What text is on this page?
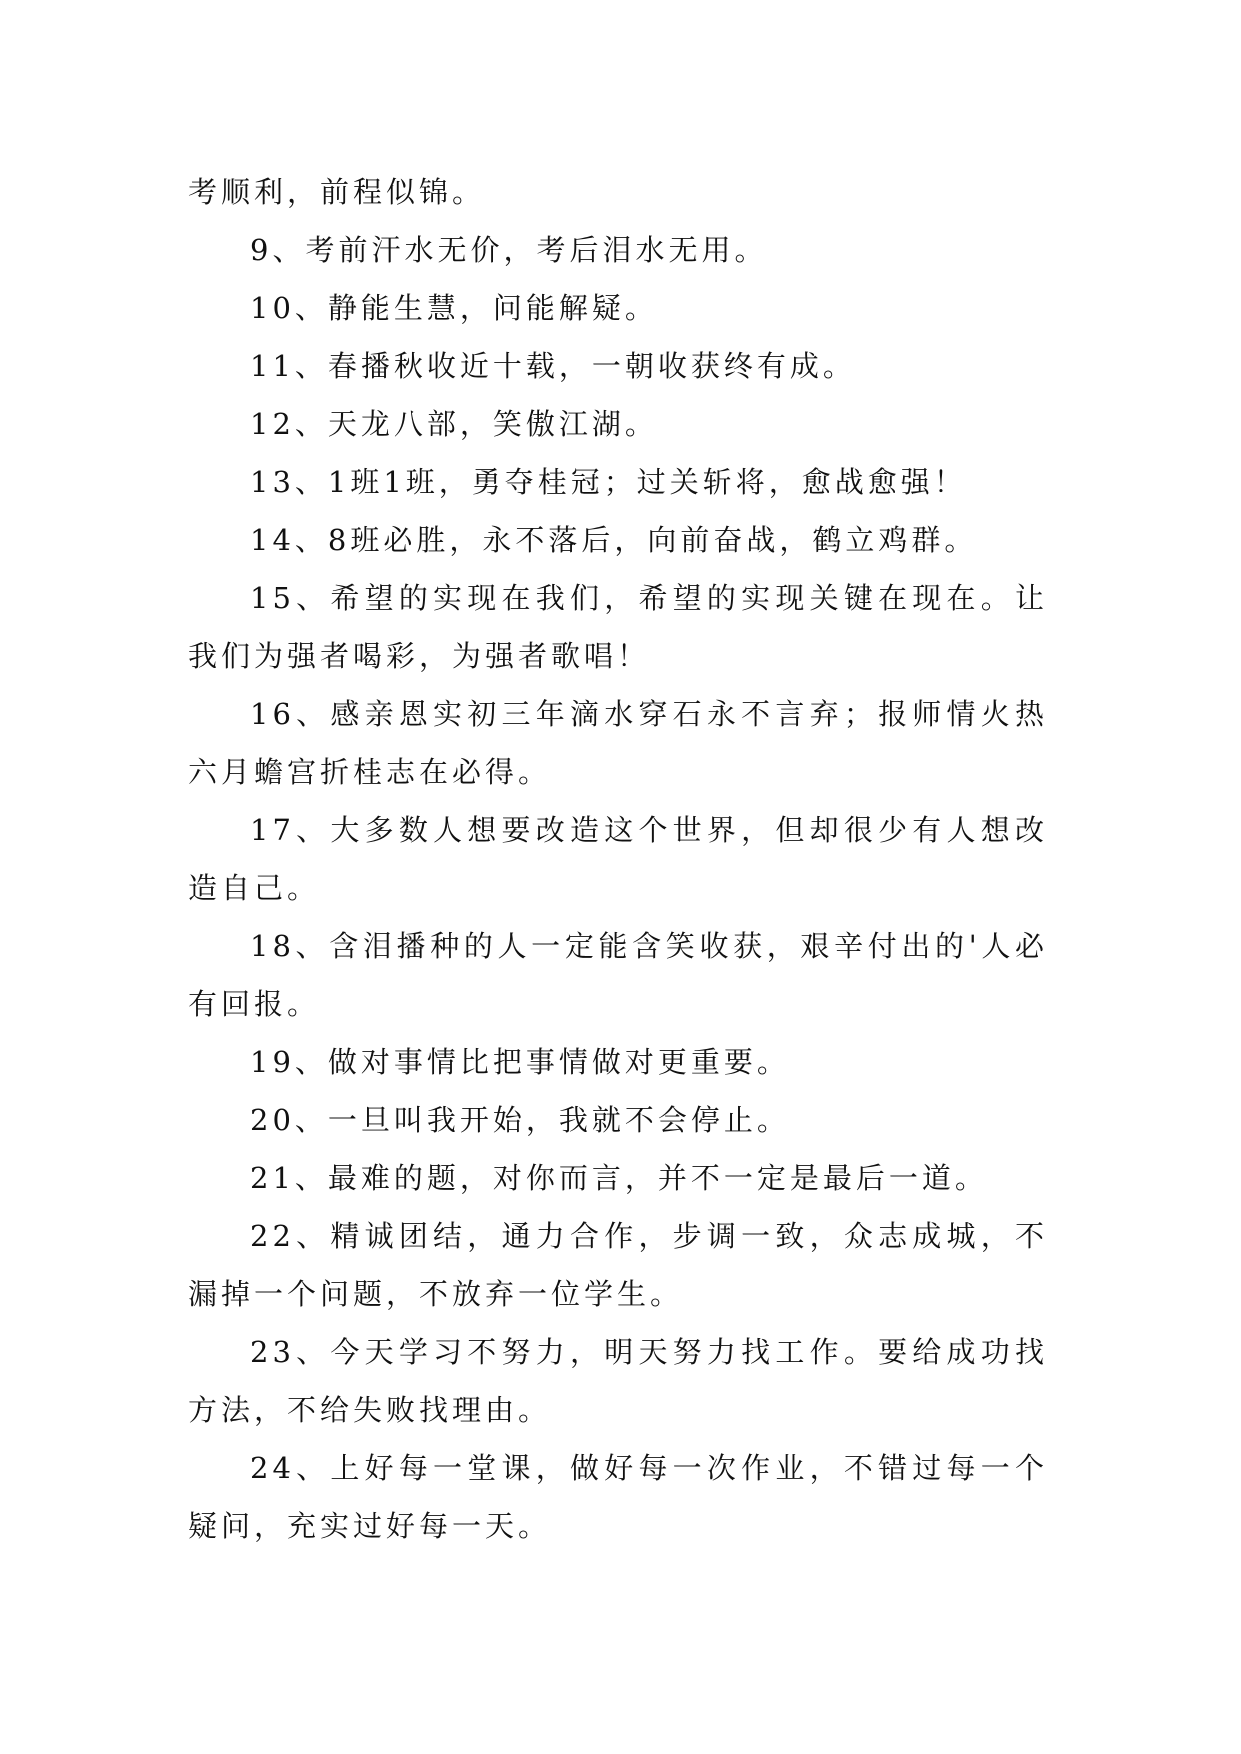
考顺利，前程似锦。

9、考前汗水无价，考后泪水无用。

10、静能生慧，问能解疑。

11、春播秋收近十载，一朝收获终有成。

12、天龙八部，笑傲江湖。

13、1班1班，勇夺桂冠；过关斩将，愈战愈强！

14、8班必胜，永不落后，向前奋战，鹤立鸡群。

15、希望的实现在我们，希望的实现关键在现在。让我们为强者喝彩，为强者歌唱！

16、感亲恩实初三年滴水穿石永不言弃；报师情火热六月蟾宫折桂志在必得。

17、大多数人想要改造这个世界，但却很少有人想改造自己。

18、含泪播种的人一定能含笑收获，艰辛付出的'人必有回报。

19、做对事情比把事情做对更重要。

20、一旦叫我开始，我就不会停止。

21、最难的题，对你而言，并不一定是最后一道。

22、精诚团结，通力合作，步调一致，众志成城，不漏掉一个问题，不放弃一位学生。

23、今天学习不努力，明天努力找工作。要给成功找方法，不给失败找理由。

24、上好每一堂课，做好每一次作业，不错过每一个疑问，充实过好每一天。
